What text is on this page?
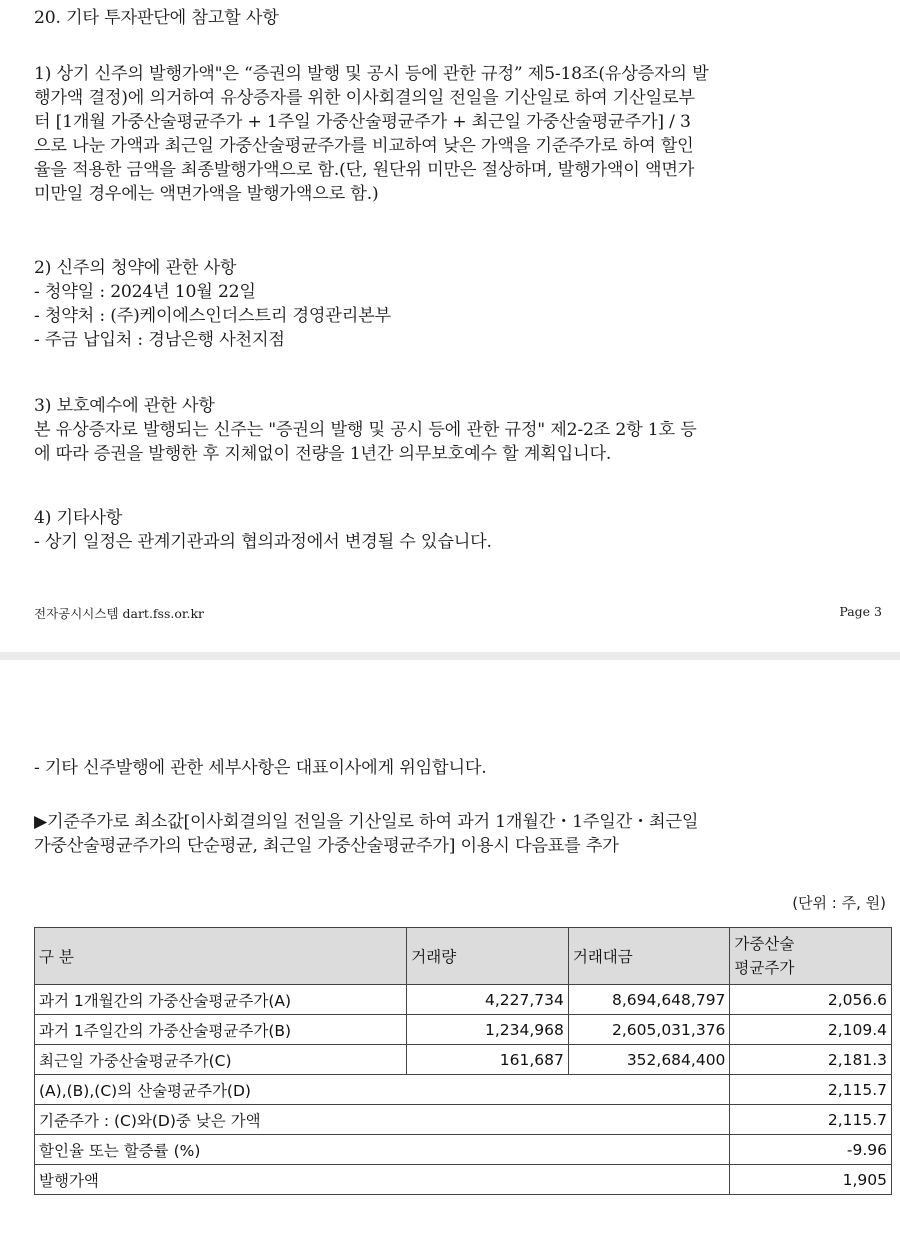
20. 기타 투자판단에 참고할 사항
1) 상기 신주의 발행가액"은 “증권의 발행 및 공시 등에 관한 규정” 제5-18조(유상증자의 발
행가액 결정)에 의거하여 유상증자를 위한 이사회결의일 전일을 기산일로 하여 기산일로부
터 [1개월 가중산술평균주가 + 1주일 가중산술평균주가 + 최근일 가중산술평균주가] / 3
으로 나눈 가액과 최근일 가중산술평균주가를 비교하여 낮은 가액을 기준주가로 하여 할인
율을 적용한 금액을 최종발행가액으로 함.(단, 원단위 미만은 절상하며, 발행가액이 액면가
미만일 경우에는 액면가액을 발행가액으로 함.)
2) 신주의 청약에 관한 사항
- 청약일 : 2024년 10월 22일
- 청약처 : (주)케이에스인더스트리 경영관리본부
- 주금 납입처 : 경남은행 사천지점
3) 보호예수에 관한 사항
본 유상증자로 발행되는 신주는 "증권의 발행 및 공시 등에 관한 규정" 제2-2조 2항 1호 등
에 따라 증권을 발행한 후 지체없이 전량을 1년간 의무보호예수 할 계획입니다.
4) 기타사항
- 상기 일정은 관계기관과의 협의과정에서 변경될 수 있습니다.
전자공시시스템 dart.fss.or.kr	Page 3
- 기타 신주발행에 관한 세부사항은 대표이사에게 위임합니다.
▶기준주가로 최소값[이사회결의일 전일을 기산일로 하여 과거 1개월간・1주일간・최근일
가중산술평균주가의 단순평균, 최근일 가중산술평균주가] 이용시 다음표를 추가
(단위 : 주, 원)
구 분	거래량	거래대금	가중산술
평균주가
과거 1개월간의 가중산술평균주가(A)	4,227,734	8,694,648,797	2,056.6
과거 1주일간의 가중산술평균주가(B)	1,234,968	2,605,031,376	2,109.4
최근일 가중산술평균주가(C)	161,687	352,684,400	2,181.3
(A),(B),(C)의 산술평균주가(D)			2,115.7
기준주가 : (C)와(D)중 낮은 가액			2,115.7
할인율 또는 할증률 (%)			-9.96
발행가액			1,905
